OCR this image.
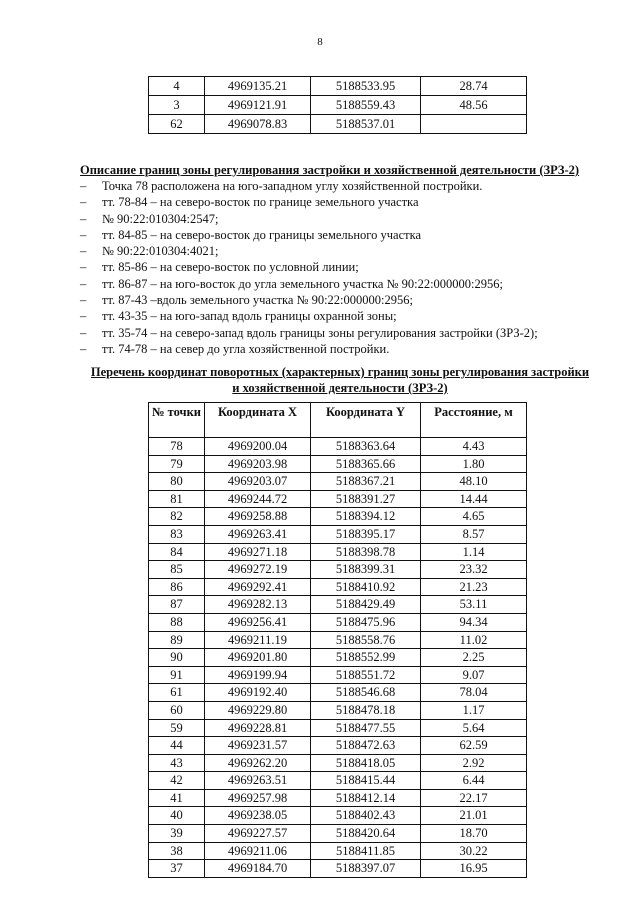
8
4	4969135.21	5188533.95	28.74
3	4969121.91	5188559.43	48.56
62	4969078.83	5188537.01	
Описание границ зоны регулирования застройки и хозяйственной деятельности (ЗРЗ-2)
– Точка 78 расположена на юго-западном углу хозяйственной постройки.
– тт. 78-84 – на северо-восток по границе земельного участка
– № 90:22:010304:2547;
– тт. 84-85 – на северо-восток до границы земельного участка
– № 90:22:010304:4021;
– тт. 85-86 – на северо-восток по условной линии;
– тт. 86-87 – на юго-восток до угла земельного участка № 90:22:000000:2956;
– тт. 87-43 –вдоль земельного участка № 90:22:000000:2956;
– тт. 43-35 – на юго-запад вдоль границы охранной зоны;
– тт. 35-74 – на северо-запад вдоль границы зоны регулирования застройки (ЗРЗ-2);
– тт. 74-78 – на север до угла хозяйственной постройки.
Перечень координат поворотных (характерных) границ зоны регулирования застройки
и хозяйственной деятельности (ЗРЗ-2)
№ точки	Координата X	Координата Y	Расстояние, м
78	4969200.04	5188363.64	4.43
79	4969203.98	5188365.66	1.80
80	4969203.07	5188367.21	48.10
81	4969244.72	5188391.27	14.44
82	4969258.88	5188394.12	4.65
83	4969263.41	5188395.17	8.57
84	4969271.18	5188398.78	1.14
85	4969272.19	5188399.31	23.32
86	4969292.41	5188410.92	21.23
87	4969282.13	5188429.49	53.11
88	4969256.41	5188475.96	94.34
89	4969211.19	5188558.76	11.02
90	4969201.80	5188552.99	2.25
91	4969199.94	5188551.72	9.07
61	4969192.40	5188546.68	78.04
60	4969229.80	5188478.18	1.17
59	4969228.81	5188477.55	5.64
44	4969231.57	5188472.63	62.59
43	4969262.20	5188418.05	2.92
42	4969263.51	5188415.44	6.44
41	4969257.98	5188412.14	22.17
40	4969238.05	5188402.43	21.01
39	4969227.57	5188420.64	18.70
38	4969211.06	5188411.85	30.22
37	4969184.70	5188397.07	16.95
